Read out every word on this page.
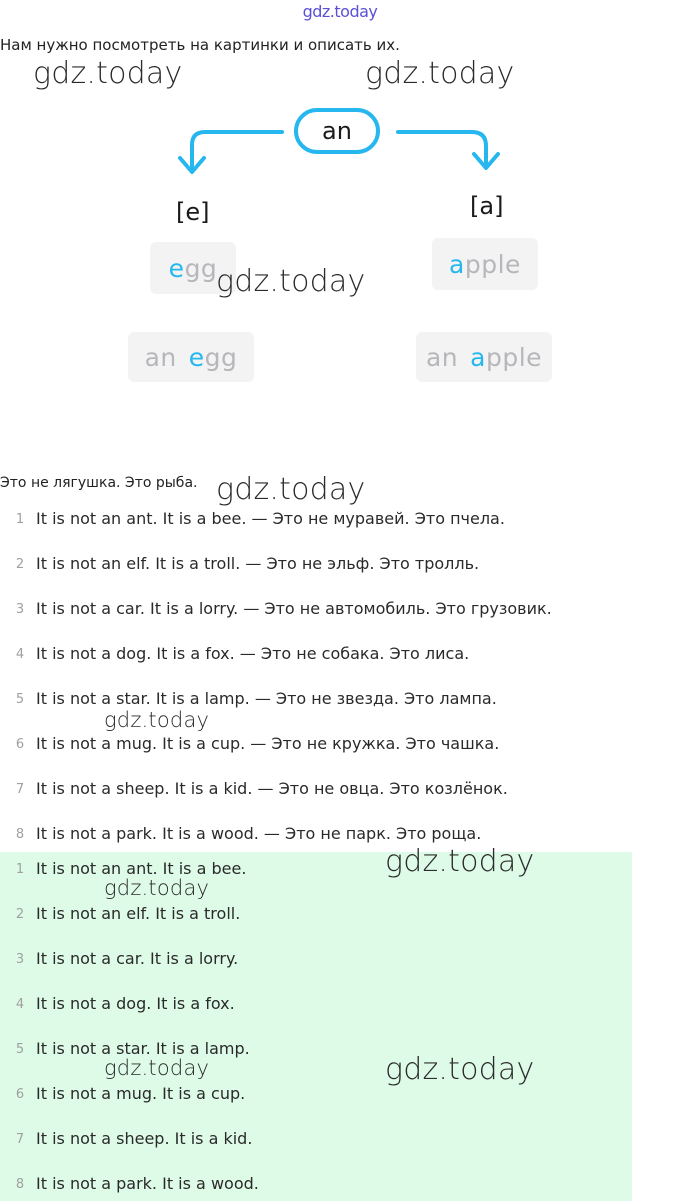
gdz.today
Нам нужно посмотреть на картинки и описать их.
gdz.today	gdz.today
gdz.today
gdz.today
gdz.today
gdz.today
gdz.today
gdz.today	gdz.today
an
[e]	[a]
e gg	a pple
an e gg	an a pple
Это не лягушка. Это рыба.
1 It is not an ant. It is a bee. — Это не муравей. Это пчела.
2 It is not an elf. It is a troll. — Это не эльф. Это тролль.
3 It is not a car. It is a lorry. — Это не автомобиль. Это грузовик.
4 It is not a dog. It is a fox. — Это не собака. Это лиса.
5 It is not a star. It is a lamp. — Это не звезда. Это лампа.
6 It is not a mug. It is a cup. — Это не кружка. Это чашка.
7 It is not a sheep. It is a kid. — Это не овца. Это козлёнок.
8 It is not a park. It is a wood. — Это не парк. Это роща.
1 It is not an ant. It is a bee.
2 It is not an elf. It is a troll.
3 It is not a car. It is a lorry.
4 It is not a dog. It is a fox.
5 It is not a star. It is a lamp.
6 It is not a mug. It is a cup.
7 It is not a sheep. It is a kid.
8 It is not a park. It is a wood.
